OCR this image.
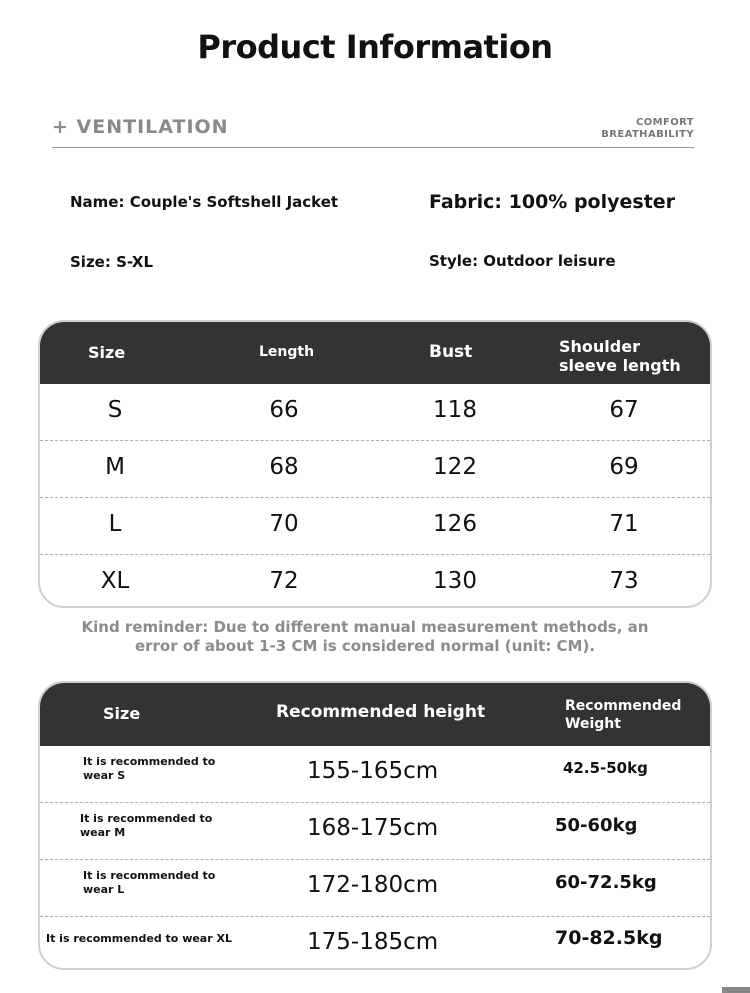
Product Information
+ VENTILATION	COMFORT
BREATHABILITY
Name: Couple's Softshell Jacket	Fabric: 100% polyester
Size: S-XL	Style: Outdoor leisure
Size	Length	Bust	Shoulder sleeve length
S	66	118	67
M	68	122	69
L	70	126	71
XL	72	130	73
Kind reminder: Due to different manual measurement methods, an
error of about 1-3 CM is considered normal (unit: CM).
Size	Recommended height	Recommended Weight
It is recommended to
wear S	155-165cm	42.5-50kg
It is recommended to
wear M	168-175cm	50-60kg
It is recommended to
wear L	172-180cm	60-72.5kg
It is recommended to wear XL	175-185cm	70-82.5kg
